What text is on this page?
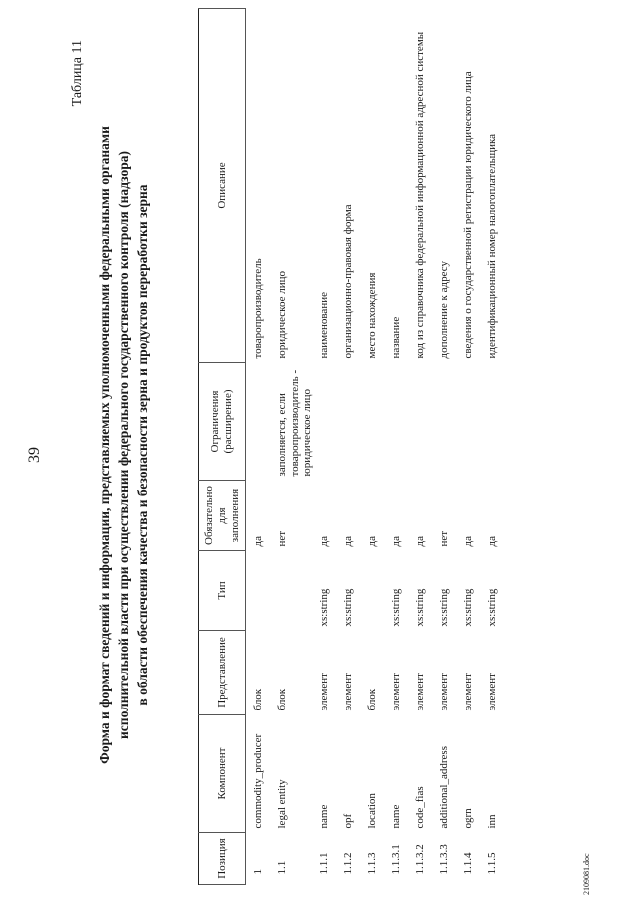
39
Таблица 11
Форма и формат сведений и информации, представляемых уполномоченными федеральными органами исполнительной власти при осуществлении федерального государственного контроля (надзора) в области обеспечения качества и безопасности зерна и продуктов переработки зерна
Позиция	Компонент	Представление	Тип	Обязательно для заполнения	Ограничения (расширение)	Описание
1	commodity_producer	блок		да		товаропроизводитель
1.1	legal entity	блок		нет	заполняется, если товаропроизводитель - юридическое лицо	юридическое лицо
1.1.1	name	элемент	xs:string	да		наименование
1.1.2	opf	элемент	xs:string	да		организационно-правовая форма
1.1.3	location	блок		да		место нахождения
1.1.3.1	name	элемент	xs:string	да		название
1.1.3.2	code_fias	элемент	xs:string	да		код из справочника федеральной информационной адресной системы
1.1.3.3	additional_address	элемент	xs:string	нет		дополнение к адресу
1.1.4	ogrn	элемент	xs:string	да		сведения о государственной регистрации юридического лица
1.1.5	inn	элемент	xs:string	да		идентификационный номер налогоплательщика
2109081.doc
